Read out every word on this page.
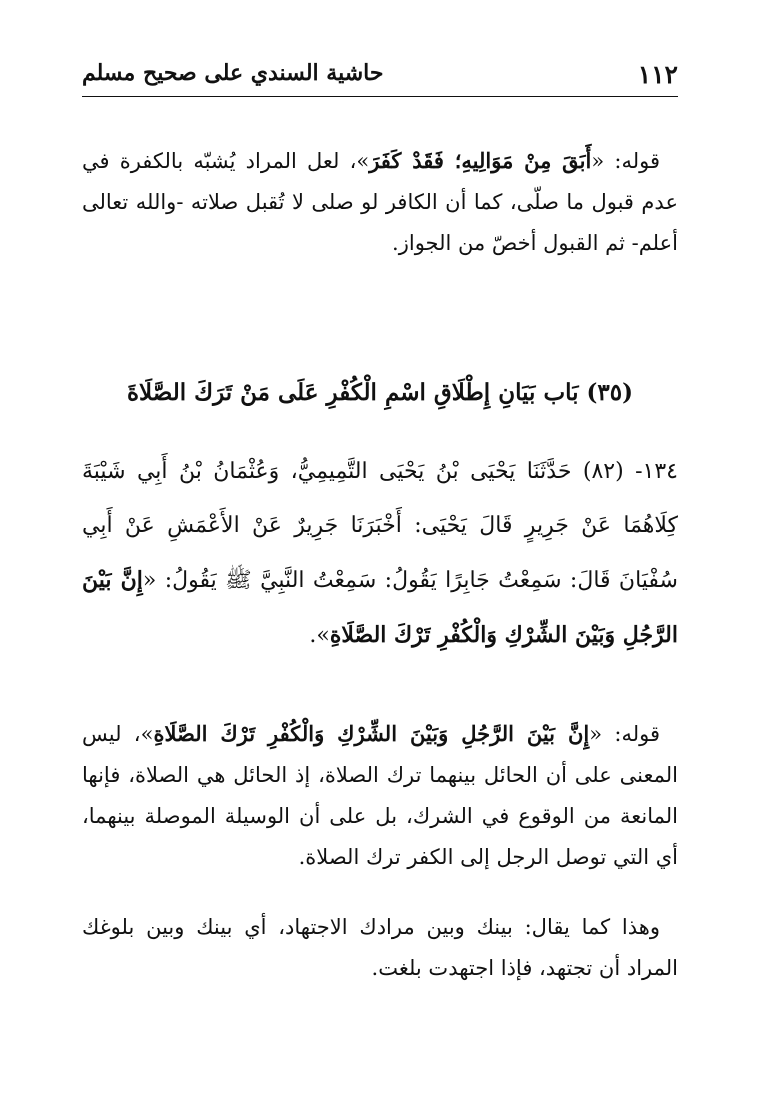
١١٢
حاشية السندي على صحيح مسلم

قوله: «أَبَقَ مِنْ مَوَالِيهِ؛ فَقَدْ كَفَرَ»، لعل المراد يُشبّه بالكفرة في عدم قبول ما صلّى، كما أن الكافر لو صلى لا تُقبل صلاته -والله تعالى أعلم- ثم القبول أخصّ من الجواز.

(٣٥) بَاب بَيَانِ إِطْلَاقِ اسْمِ الْكُفْرِ عَلَى مَنْ تَرَكَ الصَّلَاةَ

١٣٤- (٨٢) حَدَّثَنَا يَحْيَى بْنُ يَحْيَى التَّمِيمِيُّ، وَعُثْمَانُ بْنُ أَبِي شَيْبَةَ كِلَاهُمَا عَنْ جَرِيرٍ قَالَ يَحْيَى: أَخْبَرَنَا جَرِيرٌ عَنْ الأَعْمَشِ عَنْ أَبِي سُفْيَانَ قَالَ: سَمِعْتُ جَابِرًا يَقُولُ: سَمِعْتُ النَّبِيَّ ﷺ يَقُولُ: «إِنَّ بَيْنَ الرَّجُلِ وَبَيْنَ الشِّرْكِ وَالْكُفْرِ تَرْكَ الصَّلَاةِ».

قوله: «إِنَّ بَيْنَ الرَّجُلِ وَبَيْنَ الشِّرْكِ وَالْكُفْرِ تَرْكَ الصَّلَاةِ»، ليس المعنى على أن الحائل بينهما ترك الصلاة، إذ الحائل هي الصلاة، فإنها المانعة من الوقوع في الشرك، بل على أن الوسيلة الموصلة بينهما، أي التي توصل الرجل إلى الكفر ترك الصلاة.

وهذا كما يقال: بينك وبين مرادك الاجتهاد، أي بينك وبين بلوغك المراد أن تجتهد، فإذا اجتهدت بلغت.
